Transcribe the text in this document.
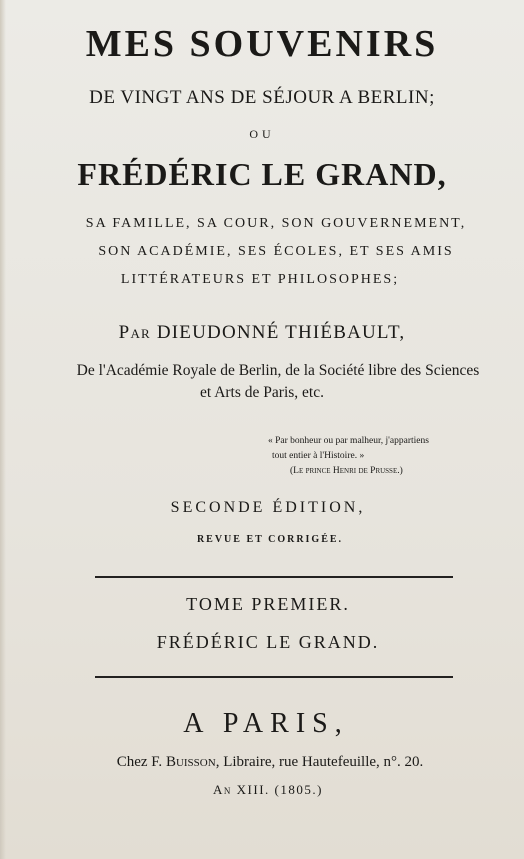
MES SOUVENIRS
DE VINGT ANS DE SÉJOUR A BERLIN;
OU
FRÉDÉRIC LE GRAND,
SA FAMILLE, SA COUR, SON GOUVERNEMENT,
SON ACADÉMIE, SES ÉCOLES, ET SES AMIS
LITTÉRATEURS ET PHILOSOPHES;
Par DIEUDONNÉ THIÉBAULT,
De l'Académie Royale de Berlin, de la Société libre des Sciences
et Arts de Paris, etc.
« Par bonheur ou par malheur, j'appartiens
tout entier à l'Histoire. »
(Le prince Henri de Prusse.)
SECONDE ÉDITION,
REVUE ET CORRIGÉE.
TOME PREMIER.
FRÉDÉRIC LE GRAND.
A PARIS,
Chez F. Buisson, Libraire, rue Hautefeuille, n°. 20.
An XIII. (1805.)
